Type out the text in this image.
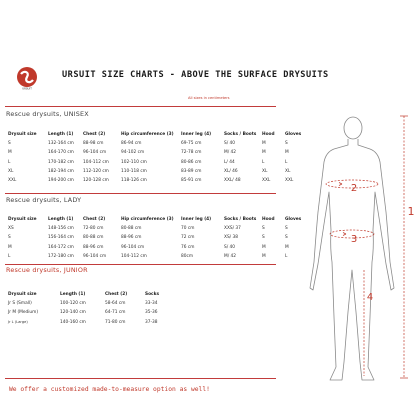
URSUIT
URSUIT SIZE CHARTS - ABOVE THE SURFACE DRYSUITS
All sizes in centimeters
Rescue drysuits, UNISEX
Drysuit size	Length (1)	Chest (2)	Hip circumference (3)	Inner leg (4)	Socks / Boots	Hood	Gloves
S	132-164 cm	88-98 cm	86-94 cm	69-75 cm	S/ 40	M	S
M	164-170 cm	96-104 cm	94-102 cm	72-78 cm	M/ 42	M	M
L	170-182 cm	104-112 cm	102-110 cm	80-86 cm	L/ 44	L	L
XL	182-194 cm	112-120 cm	110-118 cm	83-89 cm	XL/ 46	XL	XL
XXL	194-200 cm	120-128 cm	118-126 cm	85-91 cm	XXL/ 48	XXL	XXL
Rescue drysuits, LADY
Drysuit size	Length (1)	Chest (2)	Hip circumference (3)	Inner leg (4)	Socks / Boots	Hood	Gloves
XS	148-156 cm	72-80 cm	80-88 cm	70 cm	XXS/ 37	S	S
S	156-164 cm	80-88 cm	88-96 cm	72 cm	XS/ 38	S	S
M	164-172 cm	88-96 cm	96-104 cm	76 cm	S/ 40	M	M
L	172-180 cm	96-104 cm	104-112 cm	80cm	M/ 42	M	L
Rescue drysuits, JUNIOR
Drysuit size	Length (1)	Chest (2)	Socks
Jr S (Small)	100-120 cm	58-64 cm	33-34
Jr M (Medium)	120-140 cm	64-71 cm	35-36
Jr L (Large)	140-160 cm	71-80 cm	37-38
We offer a customized made-to-measure option as well!
1
2
3
4
